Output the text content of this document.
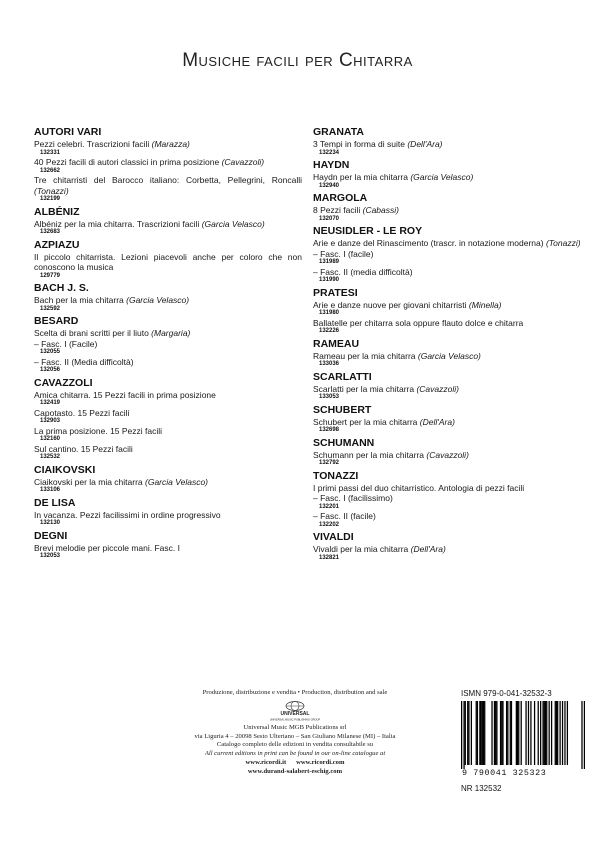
Musiche facili per Chitarra
AUTORI VARI
Pezzi celebri. Trascrizioni facili (Marazza)
132331
40 Pezzi facili di autori classici in prima posizione (Cavazzoli)
132662
Tre chitarristi del Barocco italiano: Corbetta, Pellegrini, Roncalli (Tonazzi)
132199
ALBÉNIZ
Albéniz per la mia chitarra. Trascrizioni facili (Garcia Velasco)
132683
AZPIAZU
Il piccolo chitarrista. Lezioni piacevoli anche per coloro che non conoscono la musica
129779
BACH J. S.
Bach per la mia chitarra (Garcia Velasco)
132592
BESARD
Scelta di brani scritti per il liuto (Margaria)
– Fasc. I (Facile)
132055
– Fasc. II (Media difficoltà)
132056
CAVAZZOLI
Amica chitarra. 15 Pezzi facili in prima posizione
132419
Capotasto. 15 Pezzi facili
132903
La prima posizione. 15 Pezzi facili
132160
Sul cantino. 15 Pezzi facili
132532
CIAIKOVSKI
Ciaikovski per la mia chitarra (Garcia Velasco)
133106
DE LISA
In vacanza. Pezzi facilissimi in ordine progressivo
132130
DEGNI
Brevi melodie per piccole mani. Fasc. I
132053
GRANATA
3 Tempi in forma di suite (Dell'Ara)
132234
HAYDN
Haydn per la mia chitarra (Garcia Velasco)
132940
MARGOLA
8 Pezzi facili (Cabassi)
132070
NEUSIDLER - LE ROY
Arie e danze del Rinascimento (trascr. in notazione moderna) (Tonazzi)
– Fasc. I (facile)
131989
– Fasc. II (media difficoltà)
131990
PRATESI
Arie e danze nuove per giovani chitarristi (Minella)
131980
Ballatelle per chitarra sola oppure flauto dolce e chitarra
132226
RAMEAU
Rameau per la mia chitarra (Garcia Velasco)
133036
SCARLATTI
Scarlatti per la mia chitarra (Cavazzoli)
133053
SCHUBERT
Schubert per la mia chitarra (Dell'Ara)
132698
SCHUMANN
Schumann per la mia chitarra (Cavazzoli)
132792
TONAZZI
I primi passi del duo chitarristico. Antologia di pezzi facili
– Fasc. I (facilissimo)
132201
– Fasc. II (facile)
132202
VIVALDI
Vivaldi per la mia chitarra (Dell'Ara)
132821
Produzione, distribuzione e vendita • Production, distribution and sale
UNIVERSAL
UNIVERSAL MUSIC PUBLISHING GROUP
Universal Music MGB Publications srl
via Liguria 4 – 20098 Sesto Ulteriano – San Giuliano Milanese (MI) – Italia
Catalogo completo delle edizioni in vendita consultabile su
All current editions in print can be found in our on-line catalogue at
www.ricordi.it www.ricordi.com
www.durand-salabert-eschig.com
ISMN 979-0-041-32532-3
9 790041 325323
NR 132532
